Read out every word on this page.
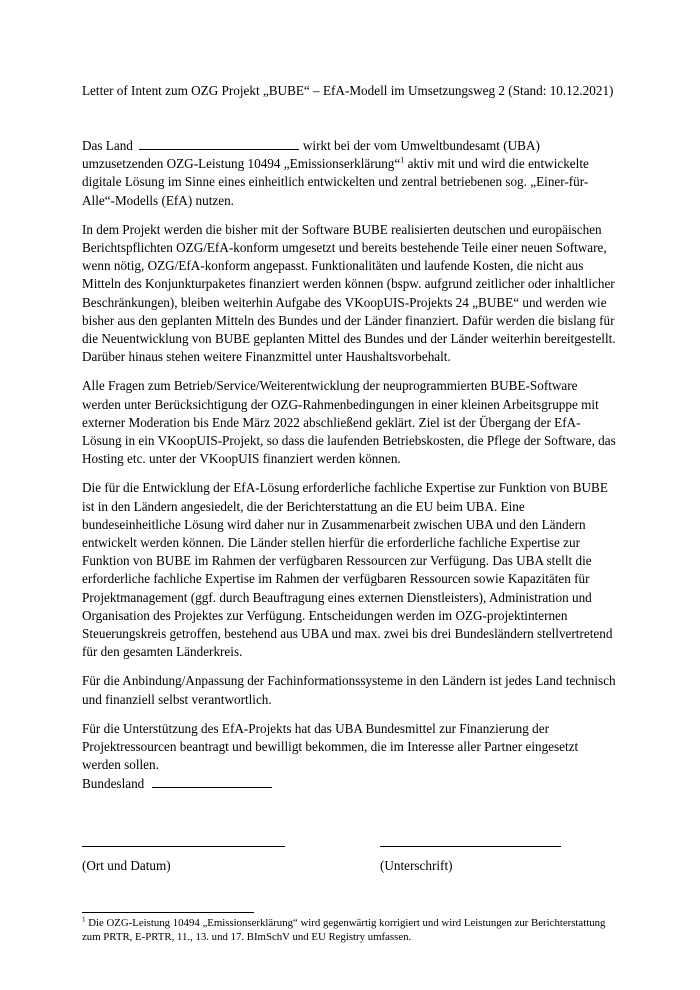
Letter of Intent zum OZG Projekt „BUBE“ – EfA-Modell im Umsetzungsweg 2 (Stand: 10.12.2021)

Das Land	wirkt bei der vom Umweltbundesamt (UBA) umzusetzenden OZG-Leistung 10494 „Emissionserklärung“$^1$ aktiv mit und wird die entwickelte digitale Lösung im Sinne eines einheitlich entwickelten und zentral betriebenen sog. „Einer-für-Alle“-Modells (EfA) nutzen.

In dem Projekt werden die bisher mit der Software BUBE realisierten deutschen und europäischen Berichtspflichten OZG/EfA-konform umgesetzt und bereits bestehende Teile einer neuen Software, wenn nötig, OZG/EfA-konform angepasst. Funktionalitäten und laufende Kosten, die nicht aus Mitteln des Konjunkturpaketes finanziert werden können (bspw. aufgrund zeitlicher oder inhaltlicher Beschränkungen), bleiben weiterhin Aufgabe des VKoopUIS-Projekts 24 „BUBE“ und werden wie bisher aus den geplanten Mitteln des Bundes und der Länder finanziert. Dafür werden die bislang für die Neuentwicklung von BUBE geplanten Mittel des Bundes und der Länder weiterhin bereitgestellt. Darüber hinaus stehen weitere Finanzmittel unter Haushaltsvorbehalt.

Alle Fragen zum Betrieb/Service/Weiterentwicklung der neuprogrammierten BUBE-Software werden unter Berücksichtigung der OZG-Rahmenbedingungen in einer kleinen Arbeitsgruppe mit externer Moderation bis Ende März 2022 abschließend geklärt. Ziel ist der Übergang der EfA-Lösung in ein VKoopUIS-Projekt, so dass die laufenden Betriebskosten, die Pflege der Software, das Hosting etc. unter der VKoopUIS finanziert werden können.

Die für die Entwicklung der EfA-Lösung erforderliche fachliche Expertise zur Funktion von BUBE ist in den Ländern angesiedelt, die der Berichterstattung an die EU beim UBA. Eine bundeseinheitliche Lösung wird daher nur in Zusammenarbeit zwischen UBA und den Ländern entwickelt werden können. Die Länder stellen hierfür die erforderliche fachliche Expertise zur Funktion von BUBE im Rahmen der verfügbaren Ressourcen zur Verfügung. Das UBA stellt die erforderliche fachliche Expertise im Rahmen der verfügbaren Ressourcen sowie Kapazitäten für Projektmanagement (ggf. durch Beauftragung eines externen Dienstleisters), Administration und Organisation des Projektes zur Verfügung. Entscheidungen werden im OZG-projektinternen Steuerungskreis getroffen, bestehend aus UBA und max. zwei bis drei Bundesländern stellvertretend für den gesamten Länderkreis.

Für die Anbindung/Anpassung der Fachinformationssysteme in den Ländern ist jedes Land technisch und finanziell selbst verantwortlich.

Für die Unterstützung des EfA-Projekts hat das UBA Bundesmittel zur Finanzierung der Projektressourcen beantragt und bewilligt bekommen, die im Interesse aller Partner eingesetzt werden sollen.

Bundesland

(Ort und Datum)	(Unterschrift)

$^1$ Die OZG-Leistung 10494 „Emissionserklärung“ wird gegenwärtig korrigiert und wird Leistungen zur Berichterstattung zum PRTR, E-PRTR, 11., 13. und 17. BImSchV und EU Registry umfassen.
